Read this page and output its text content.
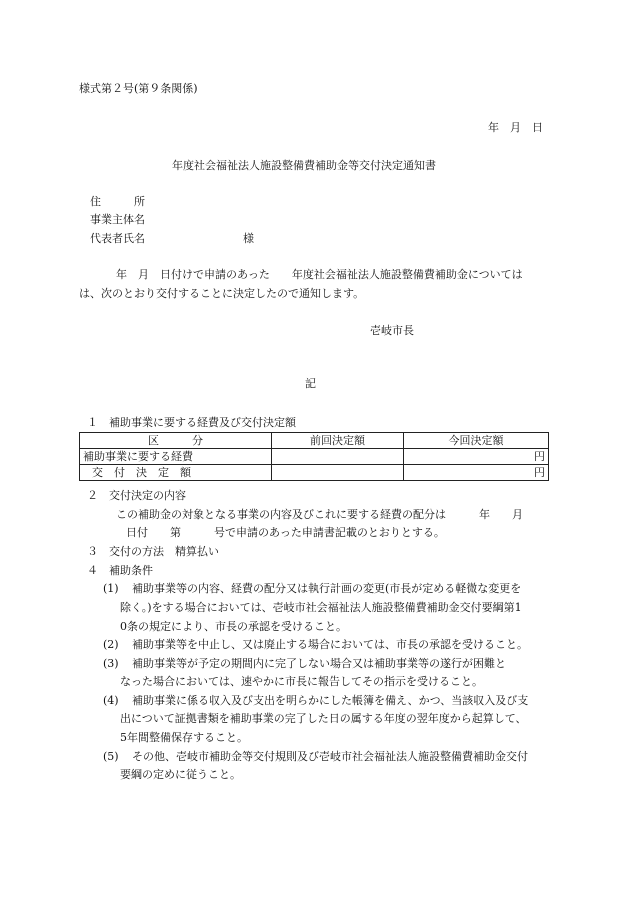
様式第２号(第９条関係)
年　月　日
年度社会福祉法人施設整備費補助金等交付決定通知書
住　　　所
事業主体名
代表者氏名	様
年　月　日付けで申請のあった　　年度社会福祉法人施設整備費補助金については
は、次のとおり交付することに決定したので通知します。
壱岐市長
記
１　補助事業に要する経費及び交付決定額
区　　　分	前回決定額	今回決定額
補助事業に要する経費		円
交　付　決　定　額		円
２　交付決定の内容
この補助金の対象となる事業の内容及びこれに要する経費の配分は　　　年　　月
日付　　第　　　号で申請のあった申請書記載のとおりとする。
３　交付の方法　精算払い
４　補助条件
(1) 補助事業等の内容、経費の配分又は執行計画の変更(市長が定める軽微な変更を
除く。)をする場合においては、壱岐市社会福祉法人施設整備費補助金交付要綱第1
0条の規定により、市長の承認を受けること。
(2) 補助事業等を中止し、又は廃止する場合においては、市長の承認を受けること。
(3) 補助事業等が予定の期間内に完了しない場合又は補助事業等の遂行が困難と
なった場合においては、速やかに市長に報告してその指示を受けること。
(4) 補助事業に係る収入及び支出を明らかにした帳簿を備え、かつ、当該収入及び支
出について証拠書類を補助事業の完了した日の属する年度の翌年度から起算して、
5年間整備保存すること。
(5) その他、壱岐市補助金等交付規則及び壱岐市社会福祉法人施設整備費補助金交付
要綱の定めに従うこと。
